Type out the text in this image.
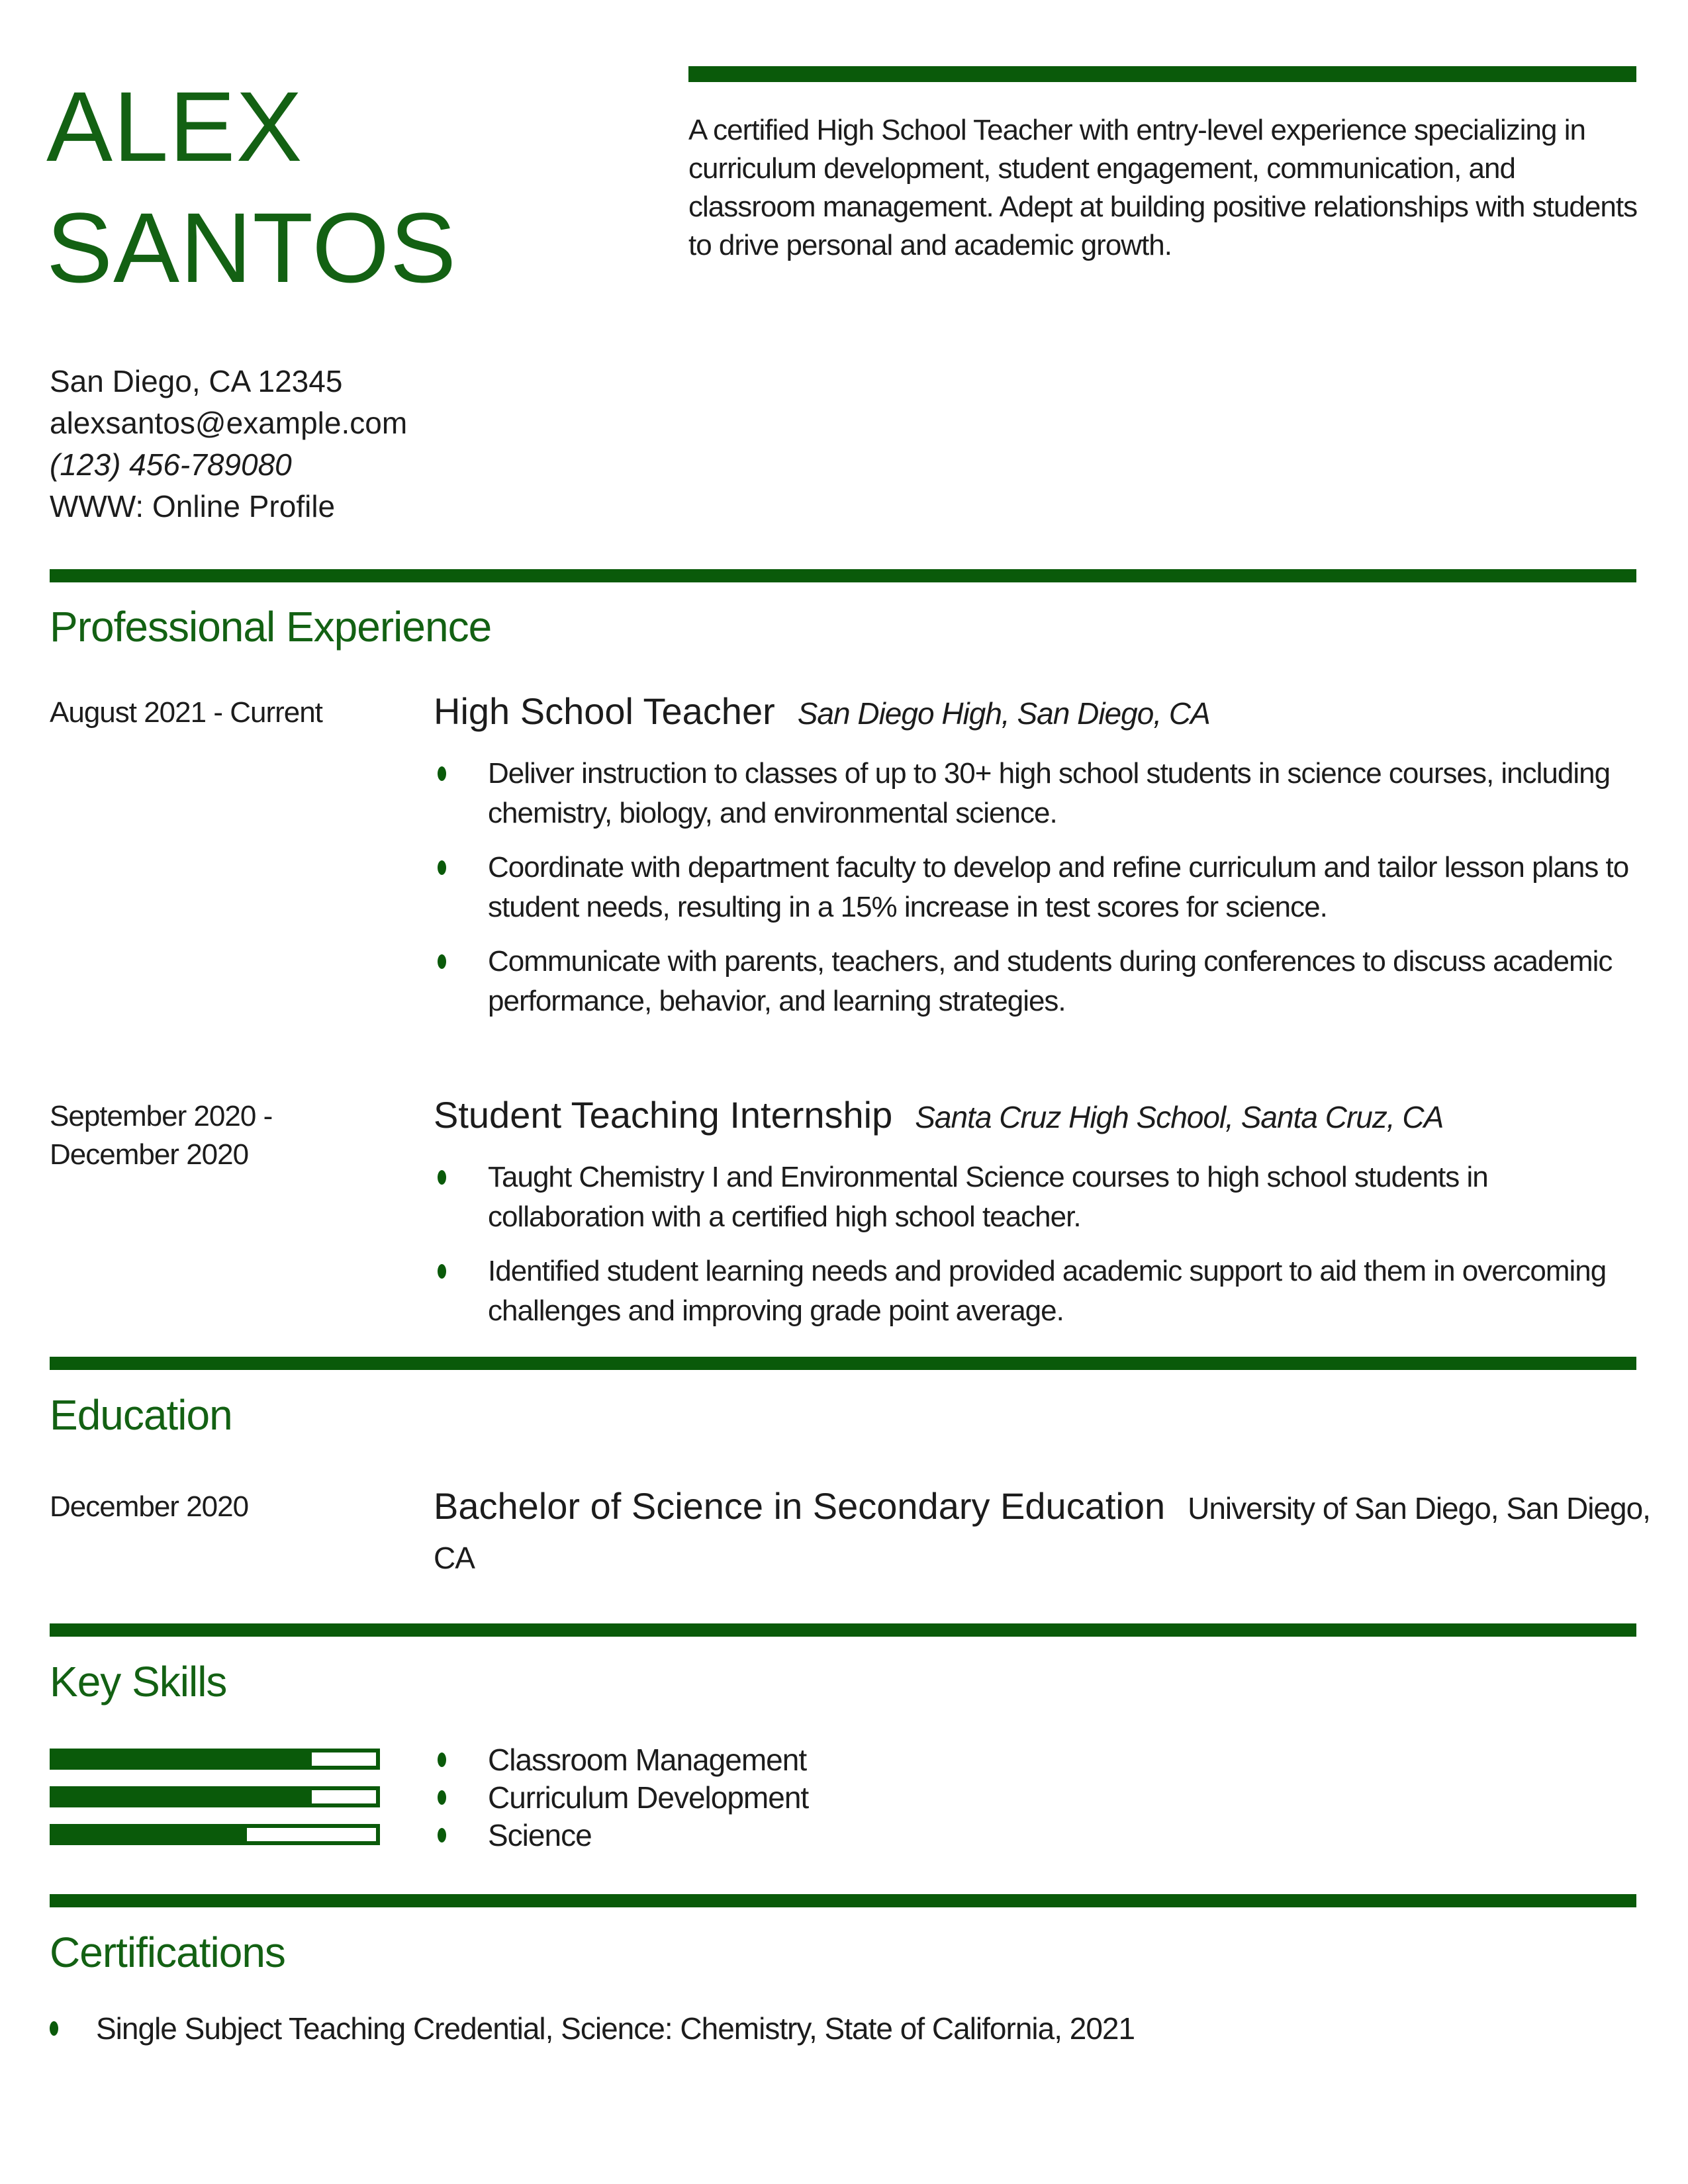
ALEX
SANTOS
A certified High School Teacher with entry-level experience specializing in curriculum development, student engagement, communication, and classroom management. Adept at building positive relationships with students to drive personal and academic growth.

San Diego, CA 12345

alexsantos@example.com

(123) 456-789080

WWW: Online Profile

Professional Experience
August 2021 - Current	High School Teacher San Diego High, San Diego, CA

Deliver instruction to classes of up to 30+ high school students in science courses, including chemistry, biology, and environmental science.
Coordinate with department faculty to develop and refine curriculum and tailor lesson plans to student needs, resulting in a 15% increase in test scores for science.
Communicate with parents, teachers, and students during conferences to discuss academic performance, behavior, and learning strategies.
September 2020 - December 2020

Student Teaching Internship Santa Cruz High School, Santa Cruz, CA

Taught Chemistry I and Environmental Science courses to high school students in collaboration with a certified high school teacher.
Identified student learning needs and provided academic support to aid them in overcoming challenges and improving grade point average.
Education
December 2020	Bachelor of Science in Secondary Education University of San Diego, San Diego, CA

Key Skills
Classroom Management
Curriculum Development
Science
Certifications
Single Subject Teaching Credential, Science: Chemistry, State of California, 2021
